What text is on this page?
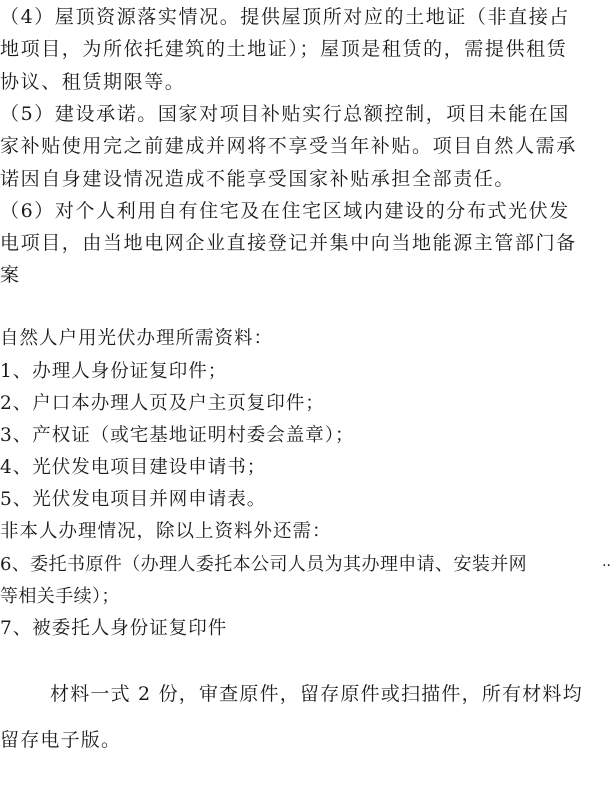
（4）屋顶资源落实情况。提供屋顶所对应的土地证（非直接占
地项目，为所依托建筑的土地证）；屋顶是租赁的，需提供租赁
协议、租赁期限等。
（5）建设承诺。国家对项目补贴实行总额控制，项目未能在国
家补贴使用完之前建成并网将不享受当年补贴。项目自然人需承
诺因自身建设情况造成不能享受国家补贴承担全部责任。
（6）对个人利用自有住宅及在住宅区域内建设的分布式光伏发
电项目，由当地电网企业直接登记并集中向当地能源主管部门备
案
自然人户用光伏办理所需资料：
1、办理人身份证复印件；
2、户口本办理人页及户主页复印件；
3、产权证（或宅基地证明村委会盖章）；
4、光伏发电项目建设申请书；
5、光伏发电项目并网申请表。
非本人办理情况，除以上资料外还需：
6、委托书原件（办理人委托本公司人员为其办理申请、安装并网	··
等相关手续）；
7、被委托人身份证复印件
材料一式 2 份，审查原件，留存原件或扫描件，所有材料均
留存电子版。
